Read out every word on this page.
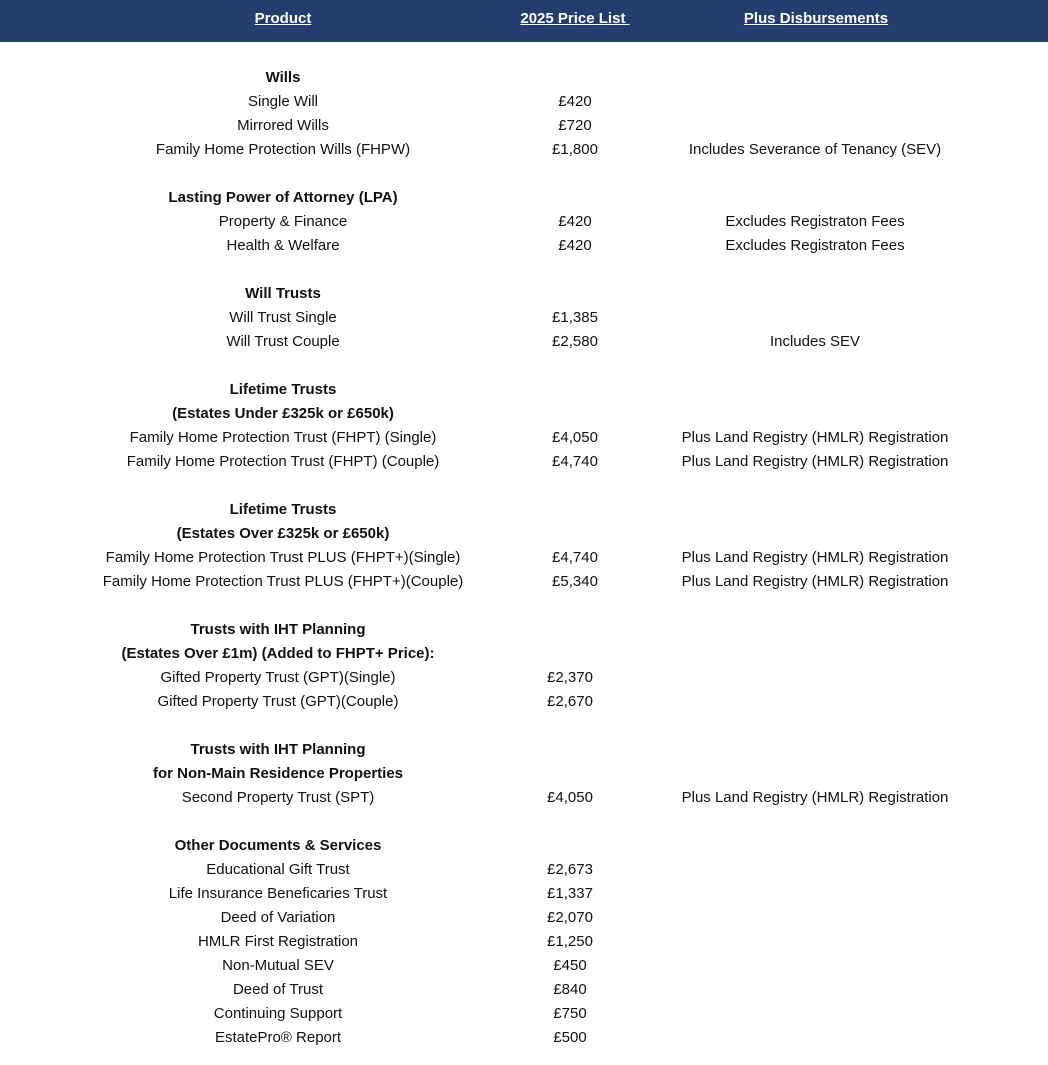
Product	2025 Price List	Plus Disbursements
Wills
Single Will	£420
Mirrored Wills	£720
Family Home Protection Wills (FHPW)	£1,800	Includes Severance of Tenancy (SEV)
Lasting Power of Attorney (LPA)
Property & Finance	£420	Excludes Registraton Fees
Health & Welfare	£420	Excludes Registraton Fees
Will Trusts
Will Trust Single	£1,385
Will Trust Couple	£2,580	Includes SEV
Lifetime Trusts
(Estates Under £325k or £650k)
Family Home Protection Trust (FHPT) (Single)	£4,050	Plus Land Registry (HMLR) Registration
Family Home Protection Trust (FHPT) (Couple)	£4,740	Plus Land Registry (HMLR) Registration
Lifetime Trusts
(Estates Over £325k or £650k)
Family Home Protection Trust PLUS (FHPT+)(Single)	£4,740	Plus Land Registry (HMLR) Registration
Family Home Protection Trust PLUS (FHPT+)(Couple)	£5,340	Plus Land Registry (HMLR) Registration
Trusts with IHT Planning
(Estates Over £1m) (Added to FHPT+ Price):
Gifted Property Trust (GPT)(Single)	£2,370
Gifted Property Trust (GPT)(Couple)	£2,670
Trusts with IHT Planning
for Non-Main Residence Properties
Second Property Trust (SPT)	£4,050	Plus Land Registry (HMLR) Registration
Other Documents & Services
Educational Gift Trust	£2,673
Life Insurance Beneficaries Trust	£1,337
Deed of Variation	£2,070
HMLR First Registration	£1,250
Non-Mutual SEV	£450
Deed of Trust	£840
Continuing Support	£750
EstatePro® Report	£500
